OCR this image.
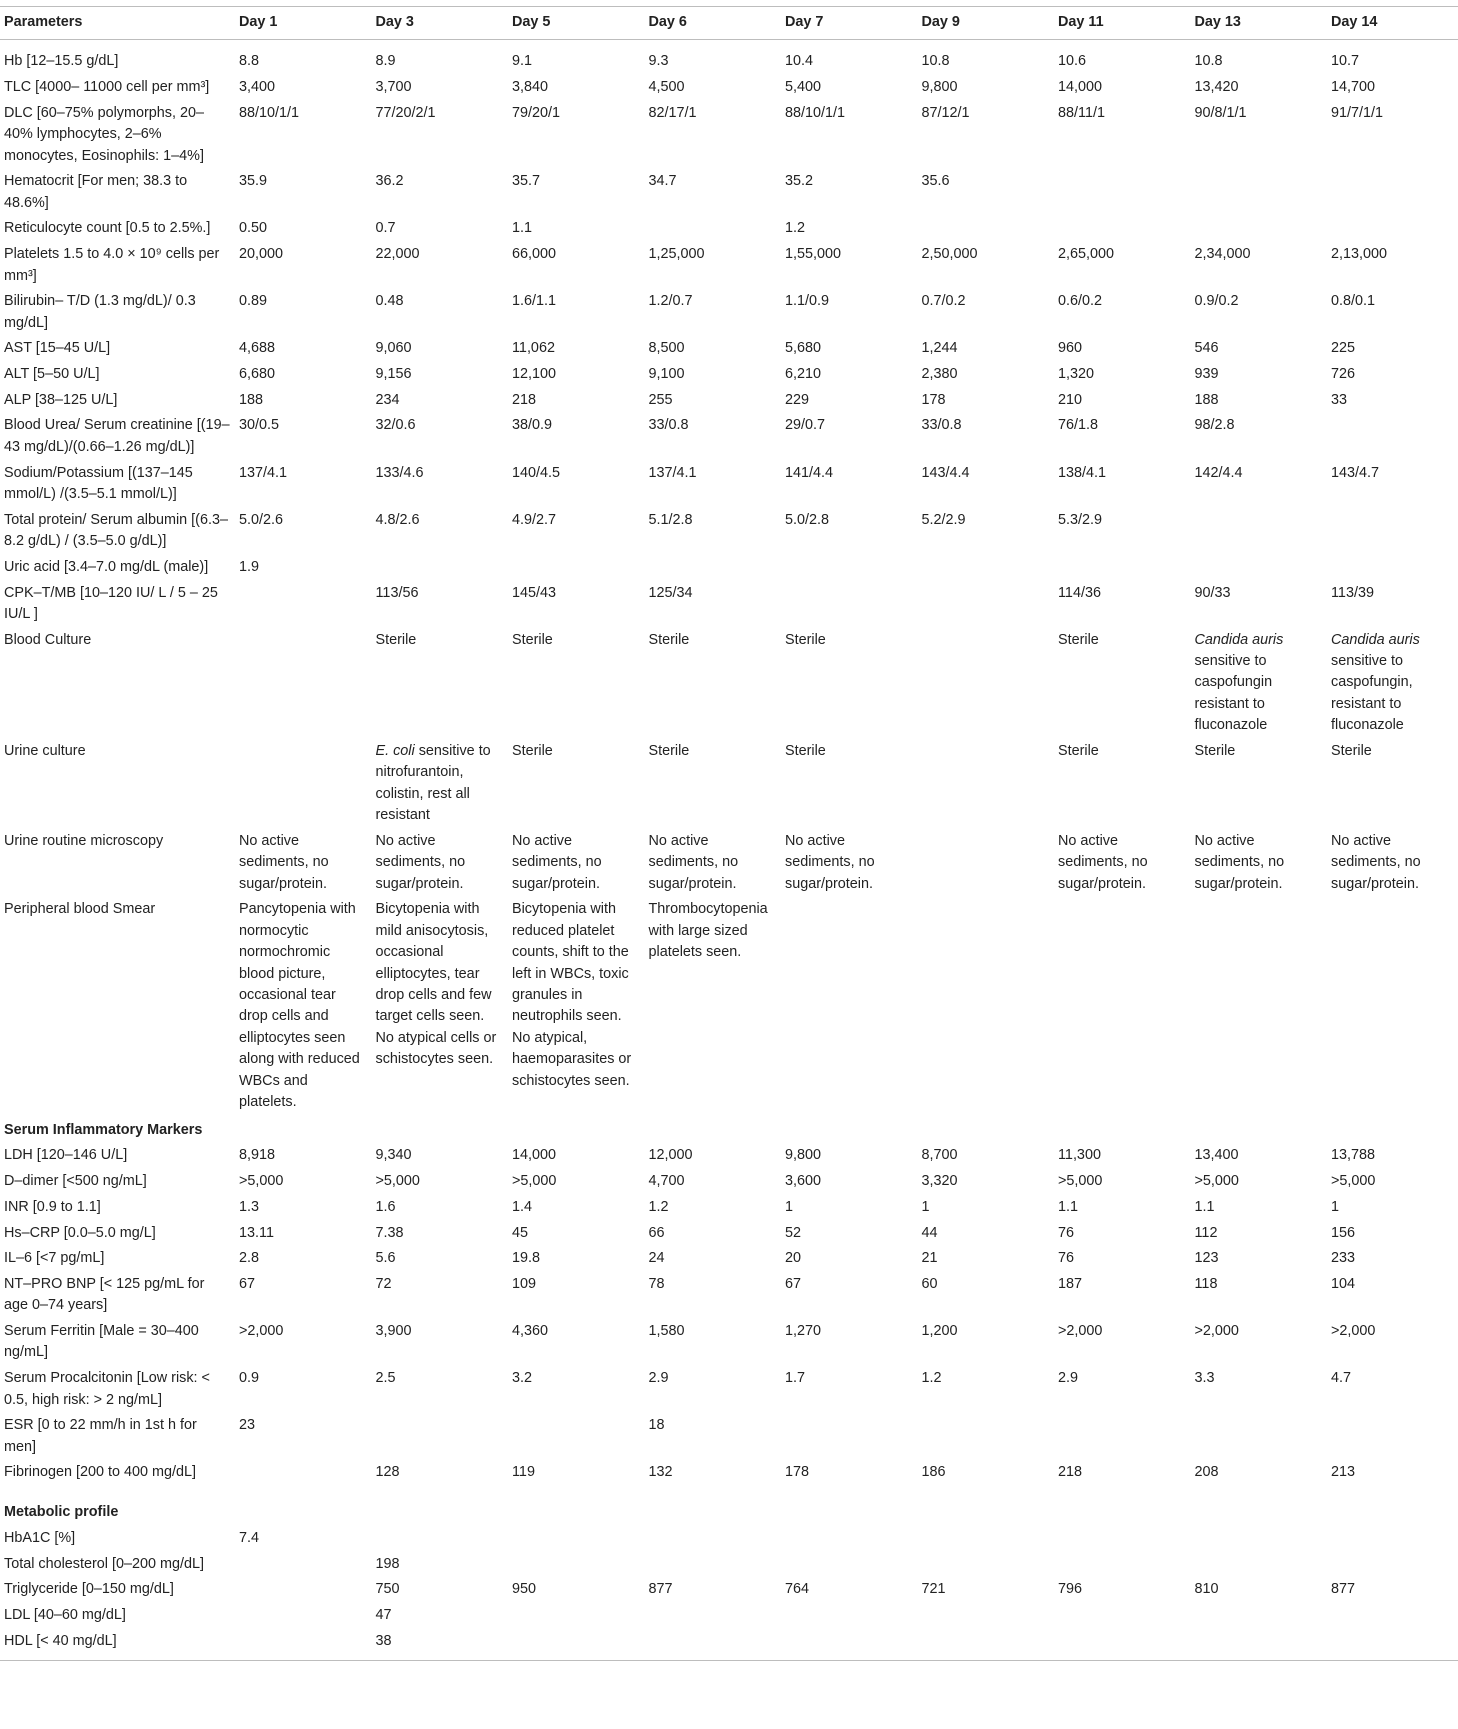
Parameters	Day 1	Day 3	Day 5	Day 6	Day 7	Day 9	Day 11	Day 13	Day 14
Hb [12–15.5 g/dL]	8.8	8.9	9.1	9.3	10.4	10.8	10.6	10.8	10.7
TLC [4000– 11000 cell per mm³]	3,400	3,700	3,840	4,500	5,400	9,800	14,000	13,420	14,700
DLC [60–75% polymorphs, 20–40% lymphocytes, 2–6% monocytes, Eosinophils: 1–4%]	88/10/1/1	77/20/2/1	79/20/1	82/17/1	88/10/1/1	87/12/1	88/11/1	90/8/1/1	91/7/1/1
Hematocrit [For men; 38.3 to 48.6%]	35.9	36.2	35.7	34.7	35.2	35.6			
Reticulocyte count [0.5 to 2.5%.]	0.50	0.7	1.1		1.2				
Platelets 1.5 to 4.0 × 10⁹ cells per mm³]	20,000	22,000	66,000	1,25,000	1,55,000	2,50,000	2,65,000	2,34,000	2,13,000
Bilirubin– T/D (1.3 mg/dL)/ 0.3 mg/dL]	0.89	0.48	1.6/1.1	1.2/0.7	1.1/0.9	0.7/0.2	0.6/0.2	0.9/0.2	0.8/0.1
AST [15–45 U/L]	4,688	9,060	11,062	8,500	5,680	1,244	960	546	225
ALT [5–50 U/L]	6,680	9,156	12,100	9,100	6,210	2,380	1,320	939	726
ALP [38–125 U/L]	188	234	218	255	229	178	210	188	33
Blood Urea/ Serum creatinine [(19–43 mg/dL)/(0.66–1.26 mg/dL)]	30/0.5	32/0.6	38/0.9	33/0.8	29/0.7	33/0.8	76/1.8	98/2.8	
Sodium/Potassium [(137–145 mmol/L) /(3.5–5.1 mmol/L)]	137/4.1	133/4.6	140/4.5	137/4.1	141/4.4	143/4.4	138/4.1	142/4.4	143/4.7
Total protein/ Serum albumin [(6.3–8.2 g/dL) / (3.5–5.0 g/dL)]	5.0/2.6	4.8/2.6	4.9/2.7	5.1/2.8	5.0/2.8	5.2/2.9	5.3/2.9		
Uric acid [3.4–7.0 mg/dL (male)]	1.9								
CPK–T/MB [10–120 IU/ L / 5 – 25 IU/L ]		113/56	145/43	125/34			114/36	90/33	113/39
Blood Culture		Sterile	Sterile	Sterile	Sterile		Sterile	Candida auris sensitive to caspofungin resistant to fluconazole	Candida auris sensitive to caspofungin, resistant to fluconazole
Urine culture		E. coli sensitive to nitrofurantoin, colistin, rest all resistant	Sterile	Sterile	Sterile		Sterile	Sterile	Sterile
Urine routine microscopy	No active sediments, no sugar/protein.	No active sediments, no sugar/protein.	No active sediments, no sugar/protein.	No active sediments, no sugar/protein.	No active sediments, no sugar/protein.		No active sediments, no sugar/protein.	No active sediments, no sugar/protein.	No active sediments, no sugar/protein.
Peripheral blood Smear	Pancytopenia with normocytic normochromic blood picture, occasional tear drop cells and elliptocytes seen along with reduced WBCs and platelets.	Bicytopenia with mild anisocytosis, occasional elliptocytes, tear drop cells and few target cells seen. No atypical cells or schistocytes seen.	Bicytopenia with reduced platelet counts, shift to the left in WBCs, toxic granules in neutrophils seen. No atypical, haemoparasites or schistocytes seen.	Thrombocytopenia with large sized platelets seen.					
Serum Inflammatory Markers									
LDH [120–146 U/L]	8,918	9,340	14,000	12,000	9,800	8,700	11,300	13,400	13,788
D–dimer [<500 ng/mL]	>5,000	>5,000	>5,000	4,700	3,600	3,320	>5,000	>5,000	>5,000
INR [0.9 to 1.1]	1.3	1.6	1.4	1.2	1	1	1.1	1.1	1
Hs–CRP [0.0–5.0 mg/L]	13.11	7.38	45	66	52	44	76	112	156
IL–6 [<7 pg/mL]	2.8	5.6	19.8	24	20	21	76	123	233
NT–PRO BNP [< 125 pg/mL for age 0–74 years]	67	72	109	78	67	60	187	118	104
Serum Ferritin [Male = 30–400 ng/mL]	>2,000	3,900	4,360	1,580	1,270	1,200	>2,000	>2,000	>2,000
Serum Procalcitonin [Low risk: < 0.5, high risk: > 2 ng/mL]	0.9	2.5	3.2	2.9	1.7	1.2	2.9	3.3	4.7
ESR [0 to 22 mm/h in 1st h for men]	23			18					
Fibrinogen [200 to 400 mg/dL]		128	119	132	178	186	218	208	213
Metabolic profile									
HbA1C [%]	7.4								
Total cholesterol [0–200 mg/dL]		198							
Triglyceride [0–150 mg/dL]		750	950	877	764	721	796	810	877
LDL [40–60 mg/dL]		47							
HDL [< 40 mg/dL]		38							
